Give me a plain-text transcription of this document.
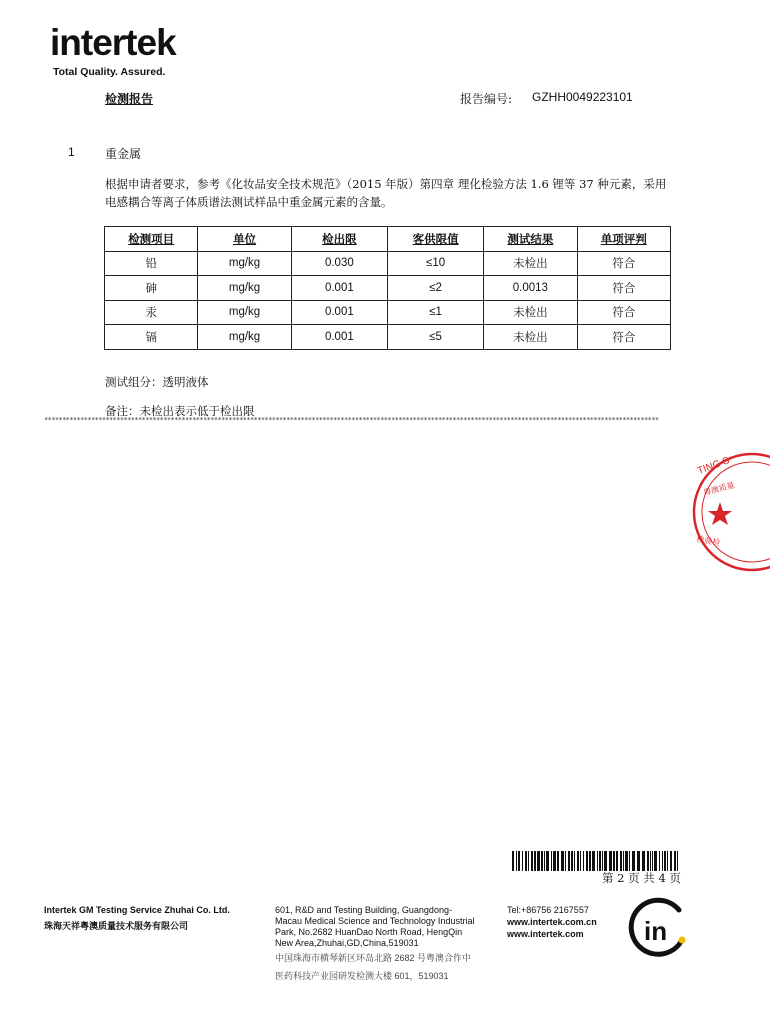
intertek
Total Quality. Assured.
检测报告	报告编号: GZHH0049223101
1	重金属
根据申请者要求，参考《化妆品安全技术规范》（2015 年版）第四章 理化检验方法 1.6 锂等 37 种元素，采用电感耦合等离子体质谱法测试样品中重金属元素的含量。
检测项目	单位	检出限	客供限值	测试结果	单项评判
铅	mg/kg	0.030	≤10	未检出	符合
砷	mg/kg	0.001	≤2	0.0013	符合
汞	mg/kg	0.001	≤1	未检出	符合
镉	mg/kg	0.001	≤5	未检出	符合
测试组分：透明液体
备注：未检出表示低于检出限
**************************************************************************************************************************************************************************
TING S
粤澳质量
检验检
第 2 页 共 4 页
Intertek GM Testing Service Zhuhai Co. Ltd.
珠海天祥粤澳质量技术服务有限公司
601, R&D and Testing Building, Guangdong-
Macau Medical Science and Technology Industrial
Park, No.2682 HuanDao North Road, HengQin
New Area,Zhuhai,GD,China,519031
中国珠海市横琴新区环岛北路 2682 号粤澳合作中
医药科技产业园研发检测大楼 601，519031
Tel:+86756 2167557
www.intertek.com.cn
www.intertek.com in
